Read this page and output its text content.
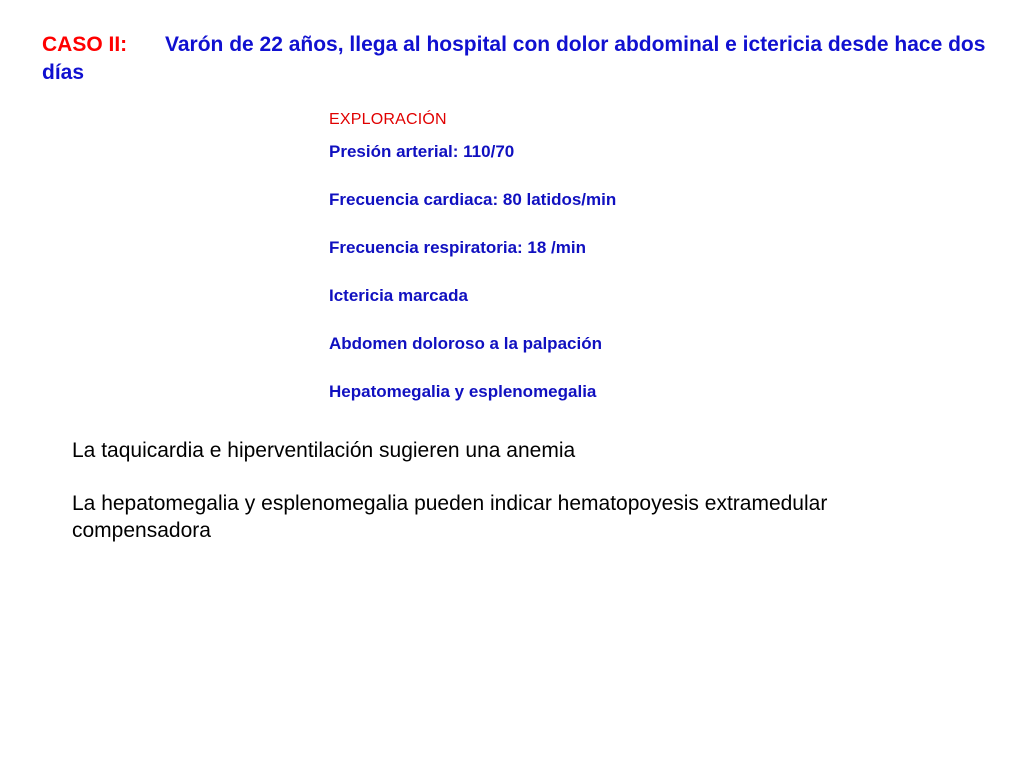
CASO II: Varón de 22 años, llega al hospital con dolor abdominal e ictericia desde hace dos días
EXPLORACIÓN
Presión arterial: 110/70
Frecuencia cardiaca: 80 latidos/min
Frecuencia respiratoria: 18 /min
Ictericia marcada
Abdomen doloroso a la palpación
Hepatomegalia y esplenomegalia

La taquicardia e hiperventilación sugieren una anemia

La hepatomegalia y esplenomegalia pueden indicar hematopoyesis extramedular compensadora
